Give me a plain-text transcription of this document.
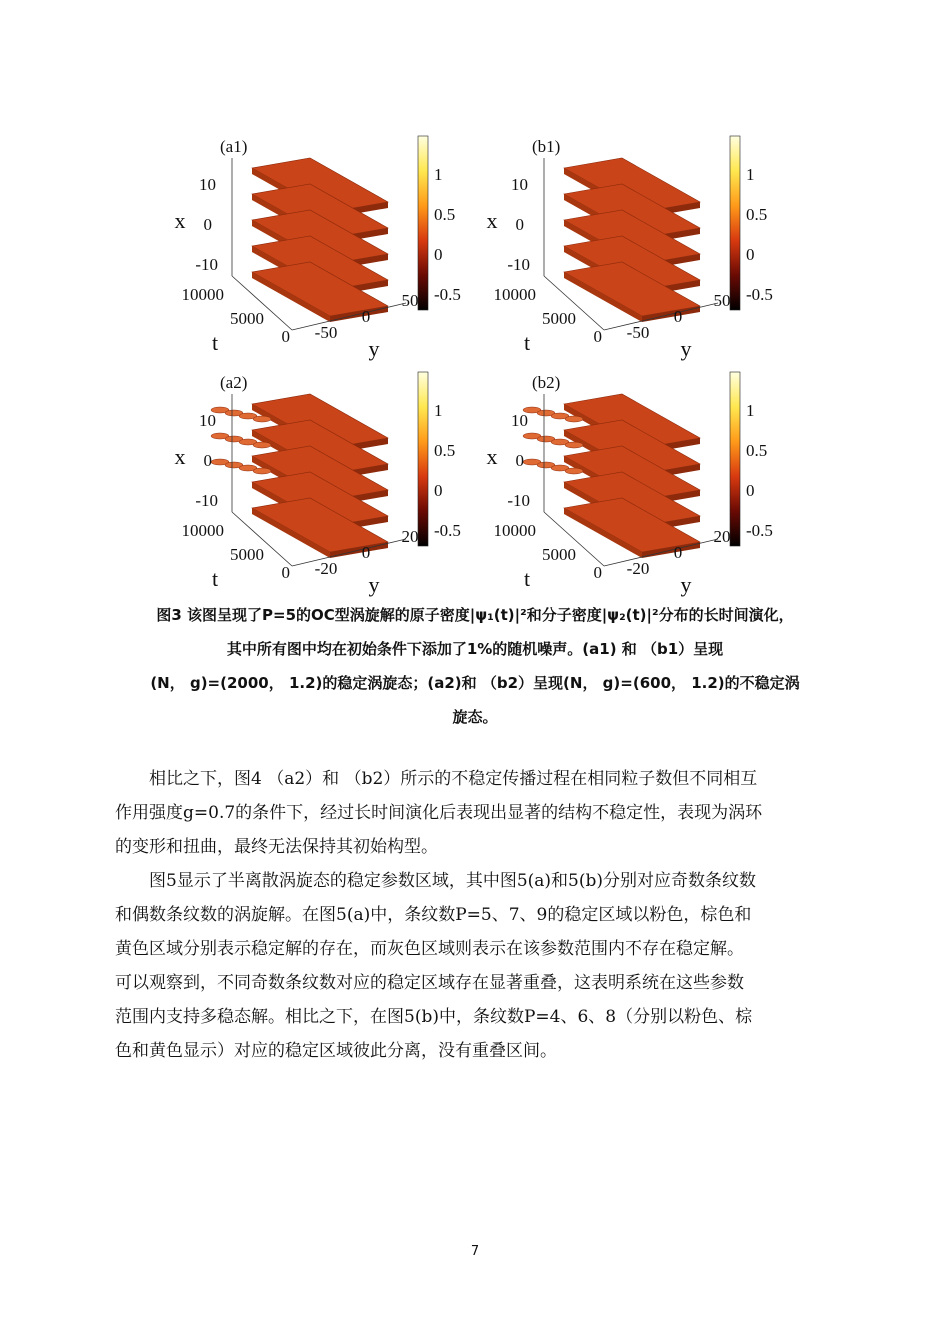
(a1)
10
0
-10
x
10000
5000
0
t	-50
0
50
y
1
0.5
0
-0.5
(b1)
10
0
-10
x
10000
5000
0
t	-50
0
50
y
1
0.5
0
-0.5
(a2)
10
0
-10
x
10000
5000
0
t	-20
0
20
y
1
0.5
0
-0.5
(b2)
10
0
-10
x
10000
5000
0
t	-20
0
20
y
1
0.5
0
-0.5
图3 该图呈现了P=5的OC型涡旋解的原子密度|ψ₁(t)|²和分子密度|ψ₂(t)|²分布的长时间演化，
其中所有图中均在初始条件下添加了1%的随机噪声。(a1) 和 （b1）呈现
(N， g)=(2000， 1.2)的稳定涡旋态；(a2)和 （b2）呈现(N， g)=(600， 1.2)的不稳定涡
旋态。

相比之下，图4 （a2）和 （b2）所示的不稳定传播过程在相同粒子数但不同相互
作用强度g=0.7的条件下，经过长时间演化后表现出显著的结构不稳定性，表现为涡环
的变形和扭曲，最终无法保持其初始构型。

图5显示了半离散涡旋态的稳定参数区域，其中图5(a)和5(b)分别对应奇数条纹数
和偶数条纹数的涡旋解。在图5(a)中，条纹数P=5、7、9的稳定区域以粉色，棕色和
黄色区域分别表示稳定解的存在，而灰色区域则表示在该参数范围内不存在稳定解。
可以观察到，不同奇数条纹数对应的稳定区域存在显著重叠，这表明系统在这些参数
范围内支持多稳态解。相比之下，在图5(b)中，条纹数P=4、6、8（分别以粉色、棕
色和黄色显示）对应的稳定区域彼此分离，没有重叠区间。

7
